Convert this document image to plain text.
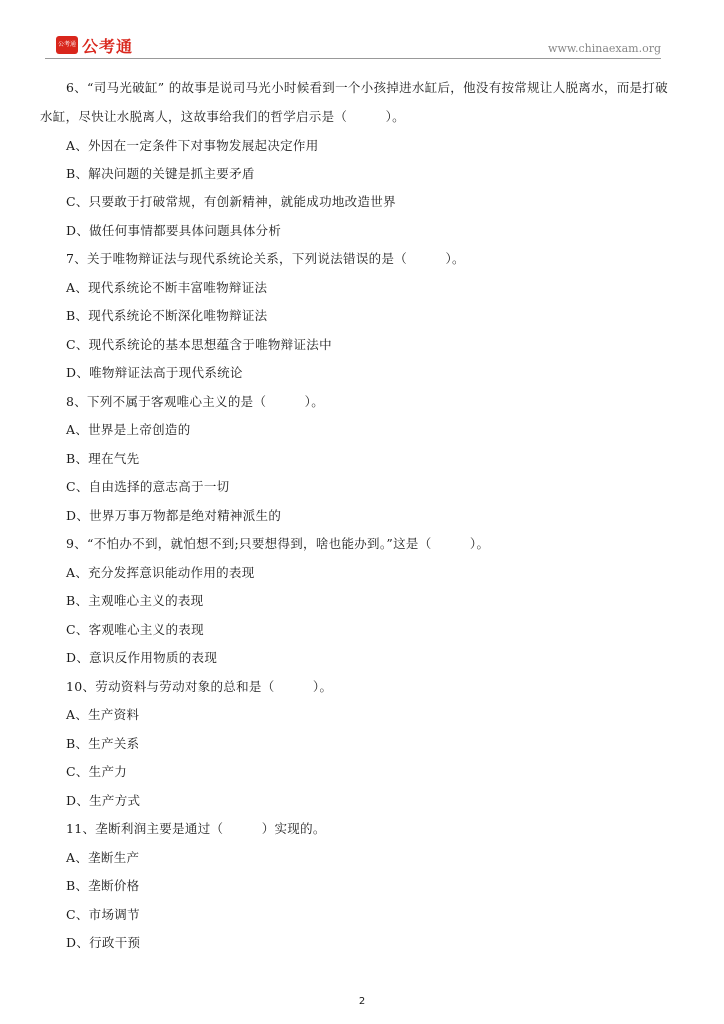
公考通 公考通	www.chinaexam.org
6、“司马光破缸” 的故事是说司马光小时候看到一个小孩掉进水缸后，他没有按常规让人脱离水，而是打破
水缸，尽快让水脱离人，这故事给我们的哲学启示是（　　　）。
A、外因在一定条件下对事物发展起决定作用
B、解决问题的关键是抓主要矛盾
C、只要敢于打破常规，有创新精神，就能成功地改造世界
D、做任何事情都要具体问题具体分析
7、关于唯物辩证法与现代系统论关系，下列说法错误的是（　　　）。
A、现代系统论不断丰富唯物辩证法
B、现代系统论不断深化唯物辩证法
C、现代系统论的基本思想蕴含于唯物辩证法中
D、唯物辩证法高于现代系统论
8、下列不属于客观唯心主义的是（　　　）。
A、世界是上帝创造的
B、理在气先
C、自由选择的意志高于一切
D、世界万事万物都是绝对精神派生的
9、“不怕办不到，就怕想不到;只要想得到，啥也能办到。”这是（　　　）。
A、充分发挥意识能动作用的表现
B、主观唯心主义的表现
C、客观唯心主义的表现
D、意识反作用物质的表现
10、劳动资料与劳动对象的总和是（　　　）。
A、生产资料
B、生产关系
C、生产力
D、生产方式
11、垄断利润主要是通过（　　　）实现的。
A、垄断生产
B、垄断价格
C、市场调节
D、行政干预
2
